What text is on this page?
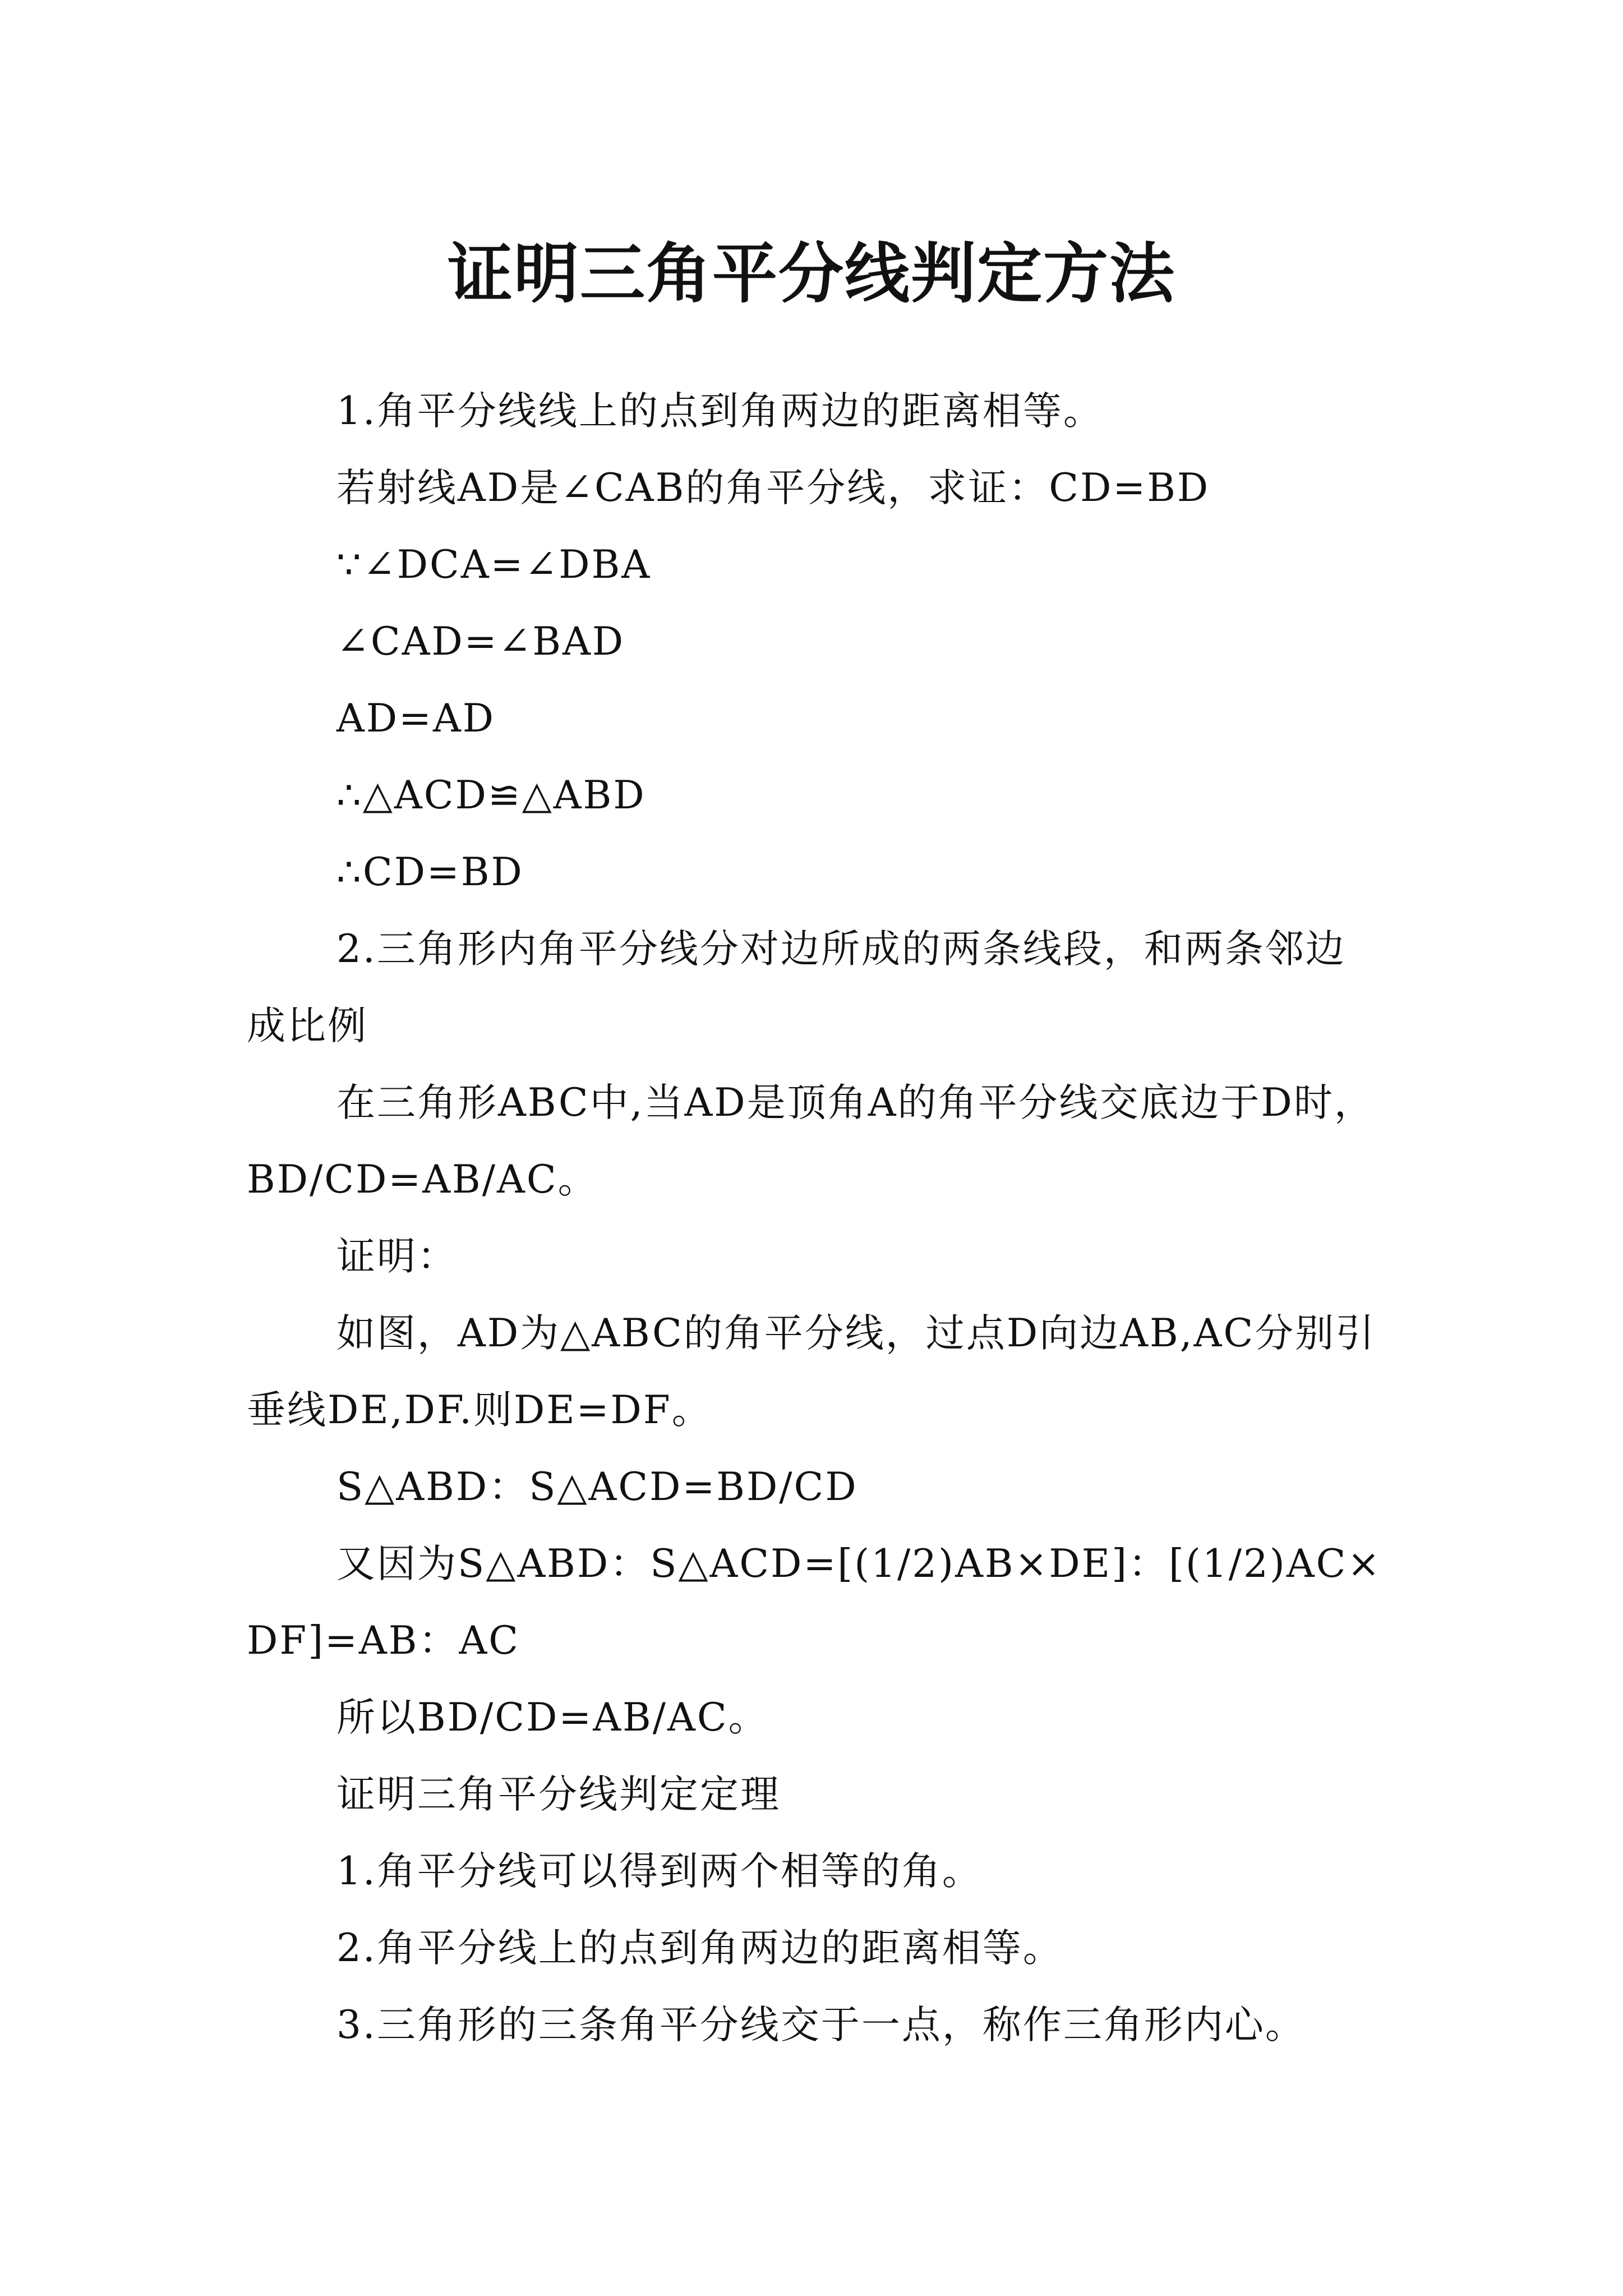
证明三角平分线判定方法

1.角平分线线上的点到角两边的距离相等。

若射线AD是∠CAB的角平分线，求证：CD=BD

∵∠DCA=∠DBA

∠CAD=∠BAD

AD=AD

∴△ACD≌△ABD

∴CD=BD

2.三角形内角平分线分对边所成的两条线段，和两条邻边成比例

在三角形ABC中,当AD是顶角A的角平分线交底边于D时，BD/CD=AB/AC。

证明：

如图，AD为△ABC的角平分线，过点D向边AB,AC分别引垂线DE,DF.则DE=DF。

S△ABD：S△ACD=BD/CD

又因为S△ABD：S△ACD=[(1/2)AB×DE]：[(1/2)AC×DF]=AB：AC

所以BD/CD=AB/AC。

证明三角平分线判定定理

1.角平分线可以得到两个相等的角。

2.角平分线上的点到角两边的距离相等。

3.三角形的三条角平分线交于一点，称作三角形内心。
